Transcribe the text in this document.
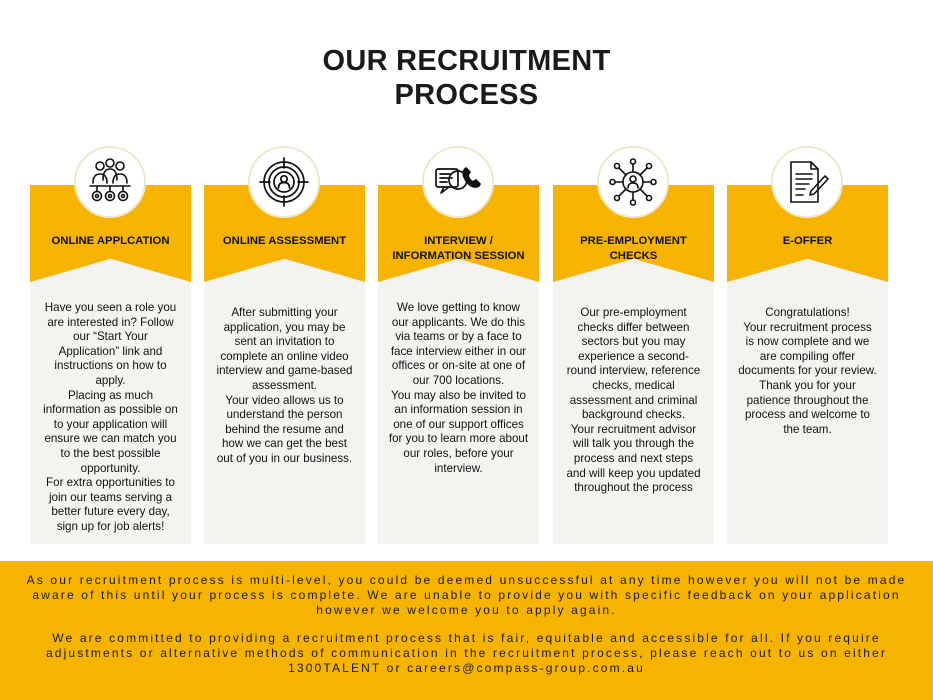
OUR RECRUITMENT
PROCESS
ONLINE APPLCATION
Have you seen a role you
are interested in? Follow
our “Start Your
Application” link and
instructions on how to
apply.
Placing as much
information as possible on
to your application will
ensure we can match you
to the best possible
opportunity.
For extra opportunities to
join our teams serving a
better future every day,
sign up for job alerts!
ONLINE ASSESSMENT
After submitting your
application, you may be
sent an invitation to
complete an online video
interview and game-based
assessment.
Your video allows us to
understand the person
behind the resume and
how we can get the best
out of you in our business.
INTERVIEW /
INFORMATION SESSION
We love getting to know
our applicants. We do this
via teams or by a face to
face interview either in our
offices or on-site at one of
our 700 locations.
You may also be invited to
an information session in
one of our support offices
for you to learn more about
our roles, before your
interview.
PRE-EMPLOYMENT
CHECKS
Our pre-employment
checks differ between
sectors but you may
experience a second-
round interview, reference
checks, medical
assessment and criminal
background checks.
Your recruitment advisor
will talk you through the
process and next steps
and will keep you updated
throughout the process
E-OFFER
Congratulations!
Your recruitment process
is now complete and we
are compiling offer
documents for your review.
Thank you for your
patience throughout the
process and welcome to
the team.
As our recruitment process is multi-level, you could be deemed unsuccessful at any time however you will not be made
aware of this until your process is complete. We are unable to provide you with specific feedback on your application
however we welcome you to apply again.
We are committed to providing a recruitment process that is fair, equitable and accessible for all. If you require
adjustments or alternative methods of communication in the recruitment process, please reach out to us on either
1300TALENT or careers@compass-group.com.au
